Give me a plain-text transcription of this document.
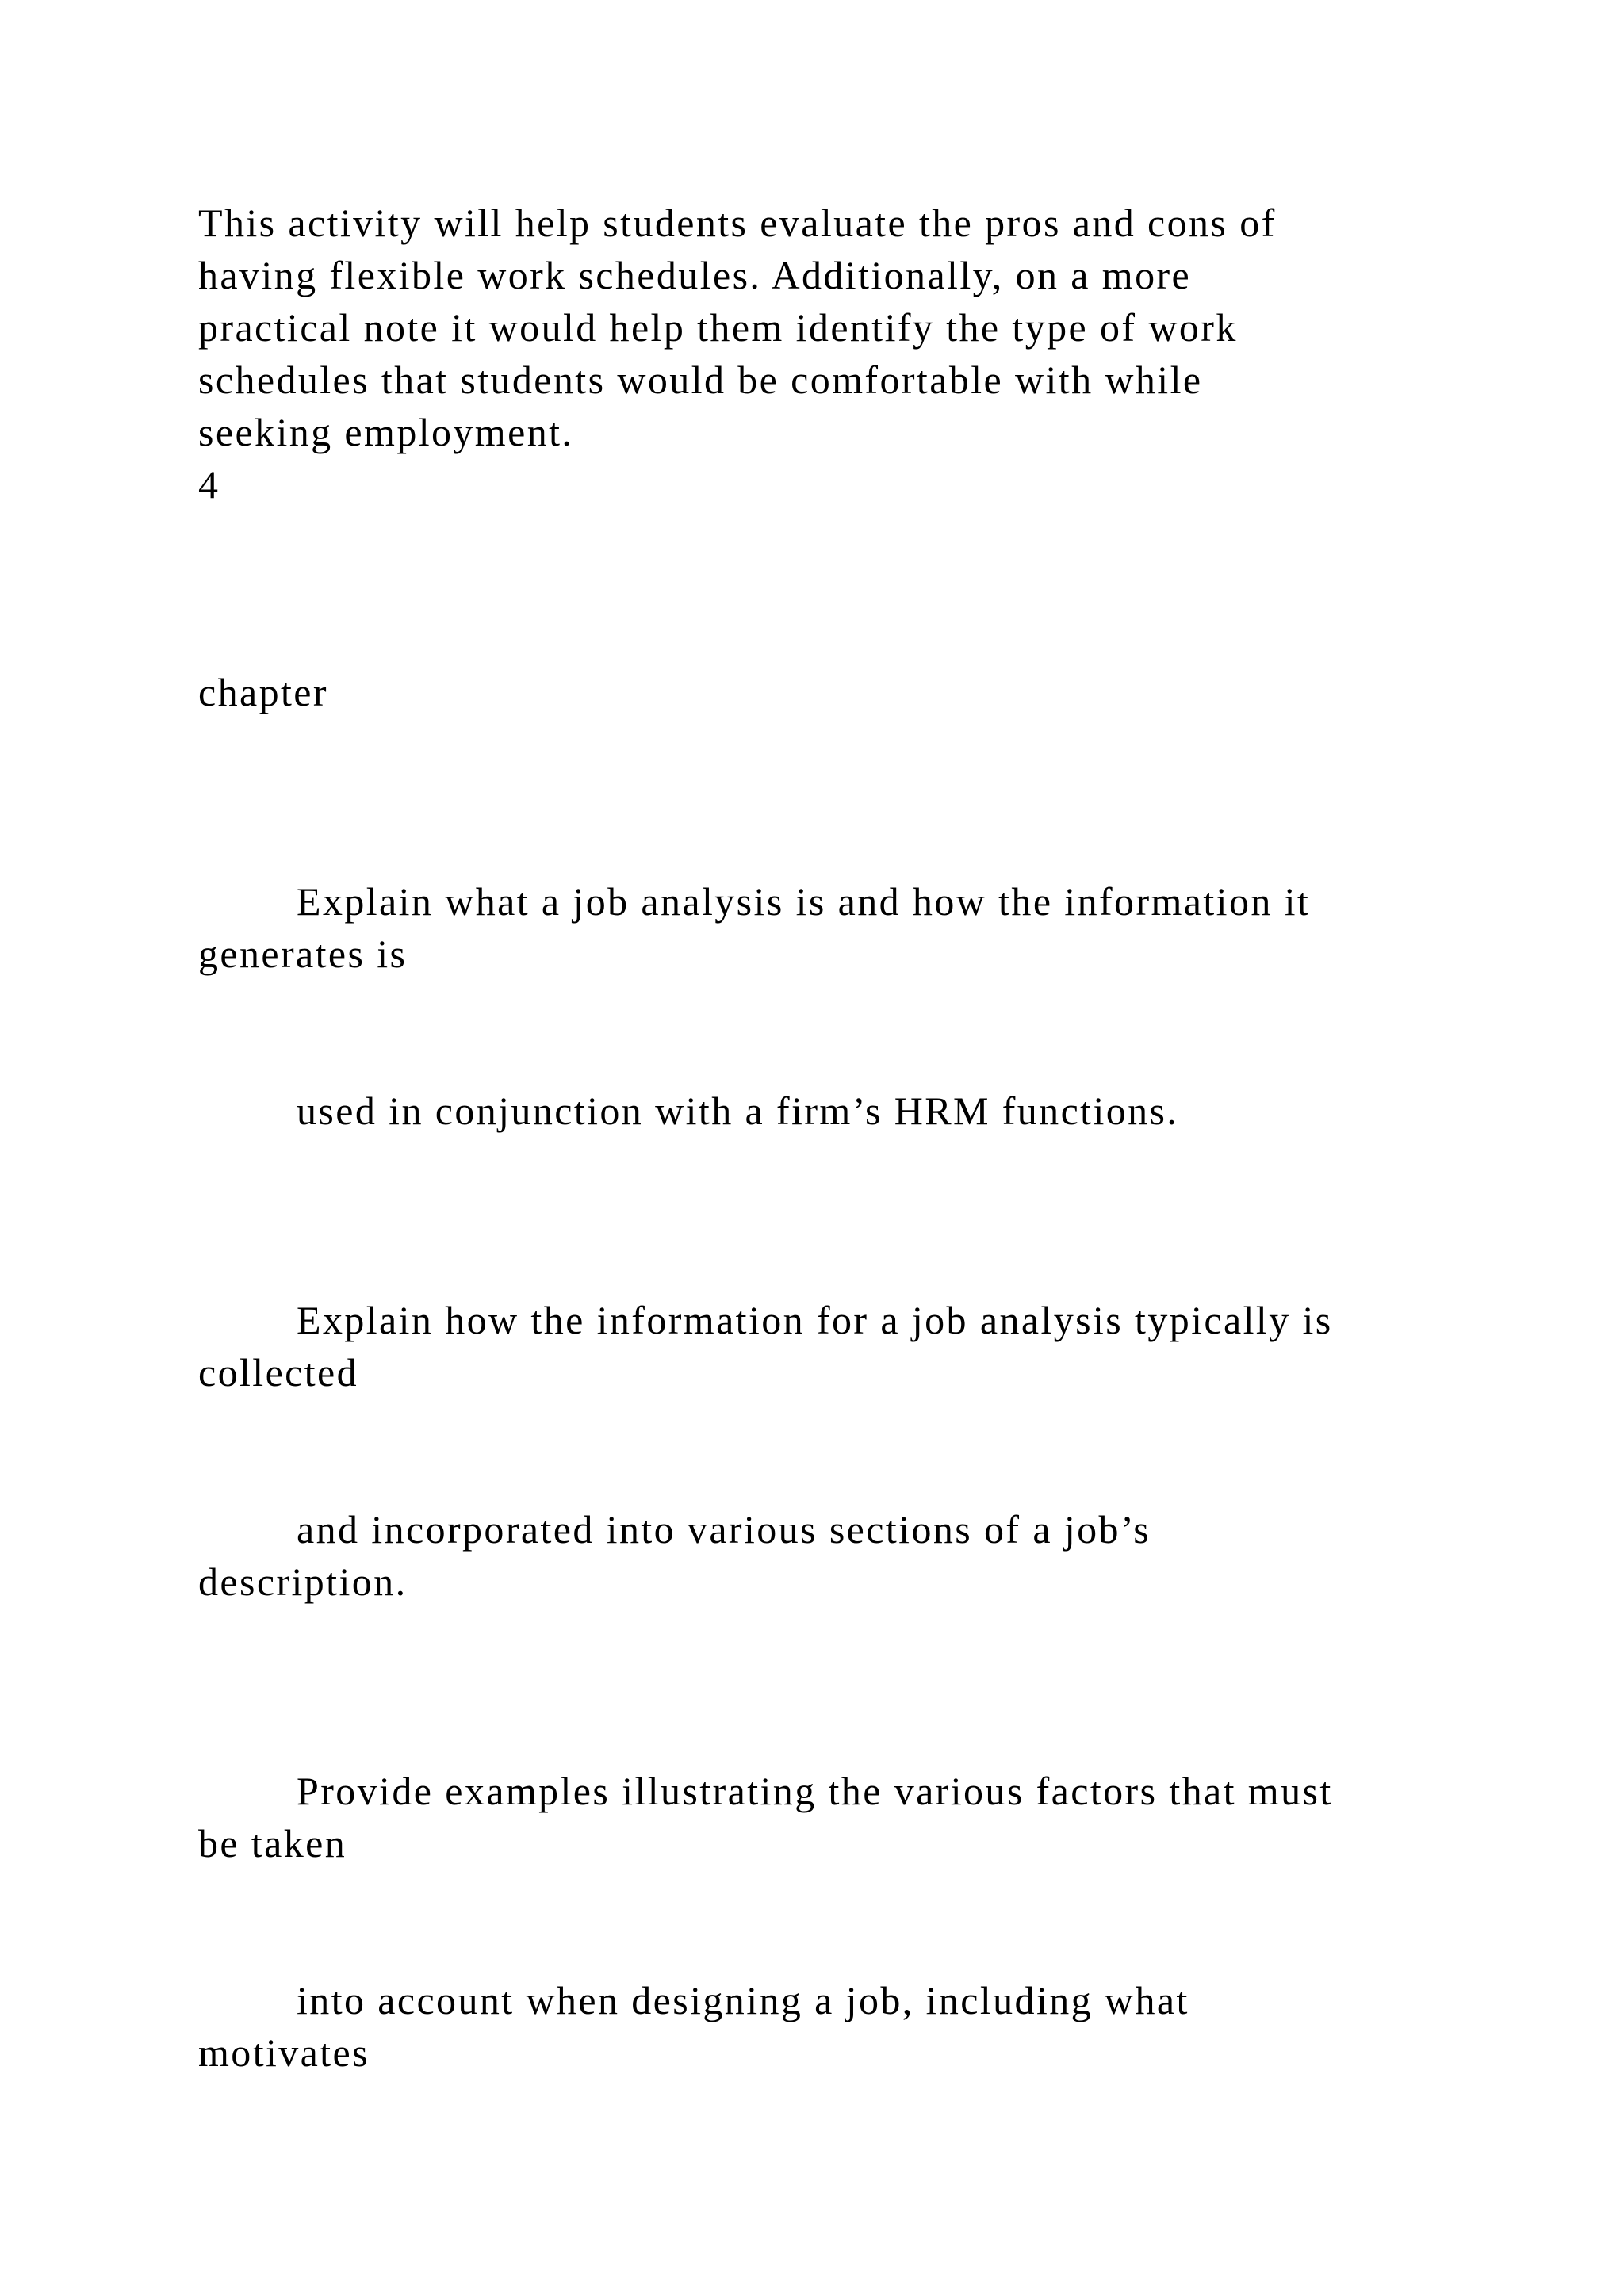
This activity will help students evaluate the pros and cons of
having flexible work schedules. Additionally, on a more
practical note it would help them identify the type of work
schedules that students would be comfortable with while
seeking employment.
4
chapter
Explain what a job analysis is and how the information it
generates is
used in conjunction with a firm’s HRM functions.
Explain how the information for a job analysis typically is
collected
and incorporated into various sections of a job’s
description.
Provide examples illustrating the various factors that must
be taken
into account when designing a job, including what
motivates
